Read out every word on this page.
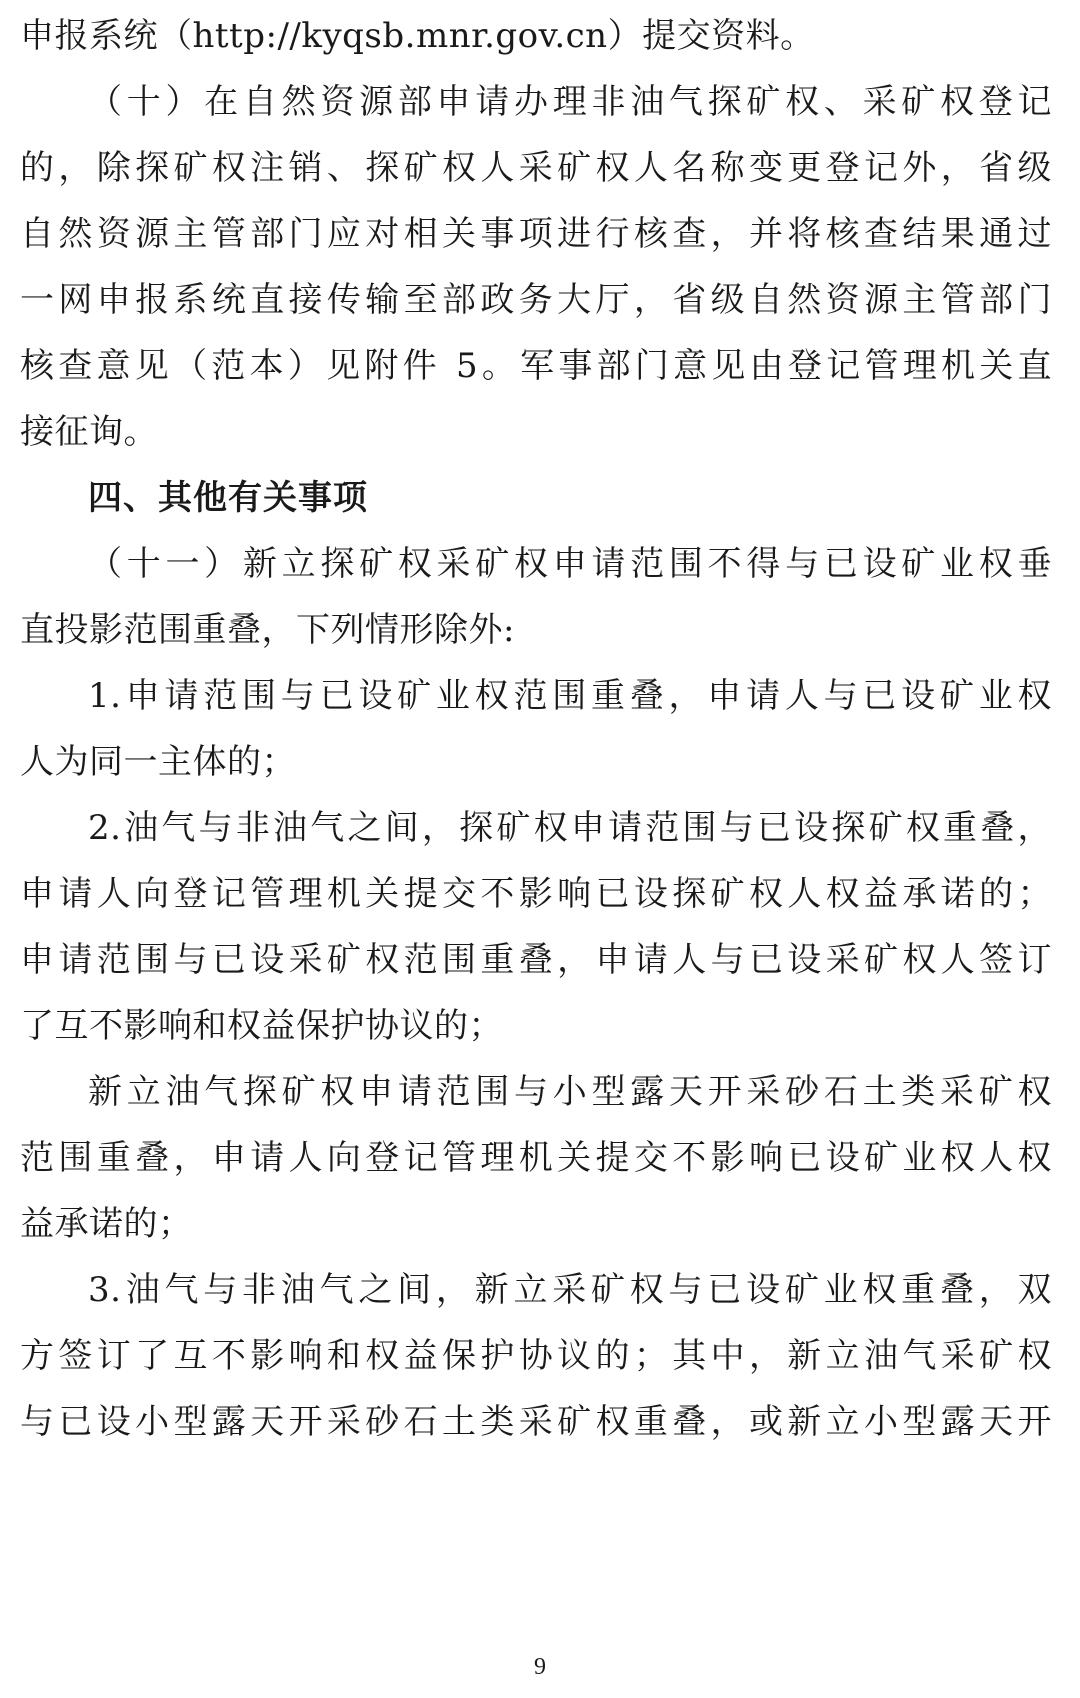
申报系统（http://kyqsb.mnr.gov.cn）提交资料。
（十）在自然资源部申请办理非油气探矿权、采矿权登记
的，除探矿权注销、探矿权人采矿权人名称变更登记外，省级
自然资源主管部门应对相关事项进行核查，并将核查结果通过
一网申报系统直接传输至部政务大厅，省级自然资源主管部门
核查意见（范本）见附件 5。军事部门意见由登记管理机关直
接征询。
四、其他有关事项
（十一）新立探矿权采矿权申请范围不得与已设矿业权垂
直投影范围重叠，下列情形除外:
1.申请范围与已设矿业权范围重叠，申请人与已设矿业权
人为同一主体的；
2.油气与非油气之间，探矿权申请范围与已设探矿权重叠，
申请人向登记管理机关提交不影响已设探矿权人权益承诺的；
申请范围与已设采矿权范围重叠，申请人与已设采矿权人签订
了互不影响和权益保护协议的；
新立油气探矿权申请范围与小型露天开采砂石土类采矿权
范围重叠，申请人向登记管理机关提交不影响已设矿业权人权
益承诺的；
3.油气与非油气之间，新立采矿权与已设矿业权重叠，双
方签订了互不影响和权益保护协议的；其中，新立油气采矿权
与已设小型露天开采砂石土类采矿权重叠，或新立小型露天开
9
